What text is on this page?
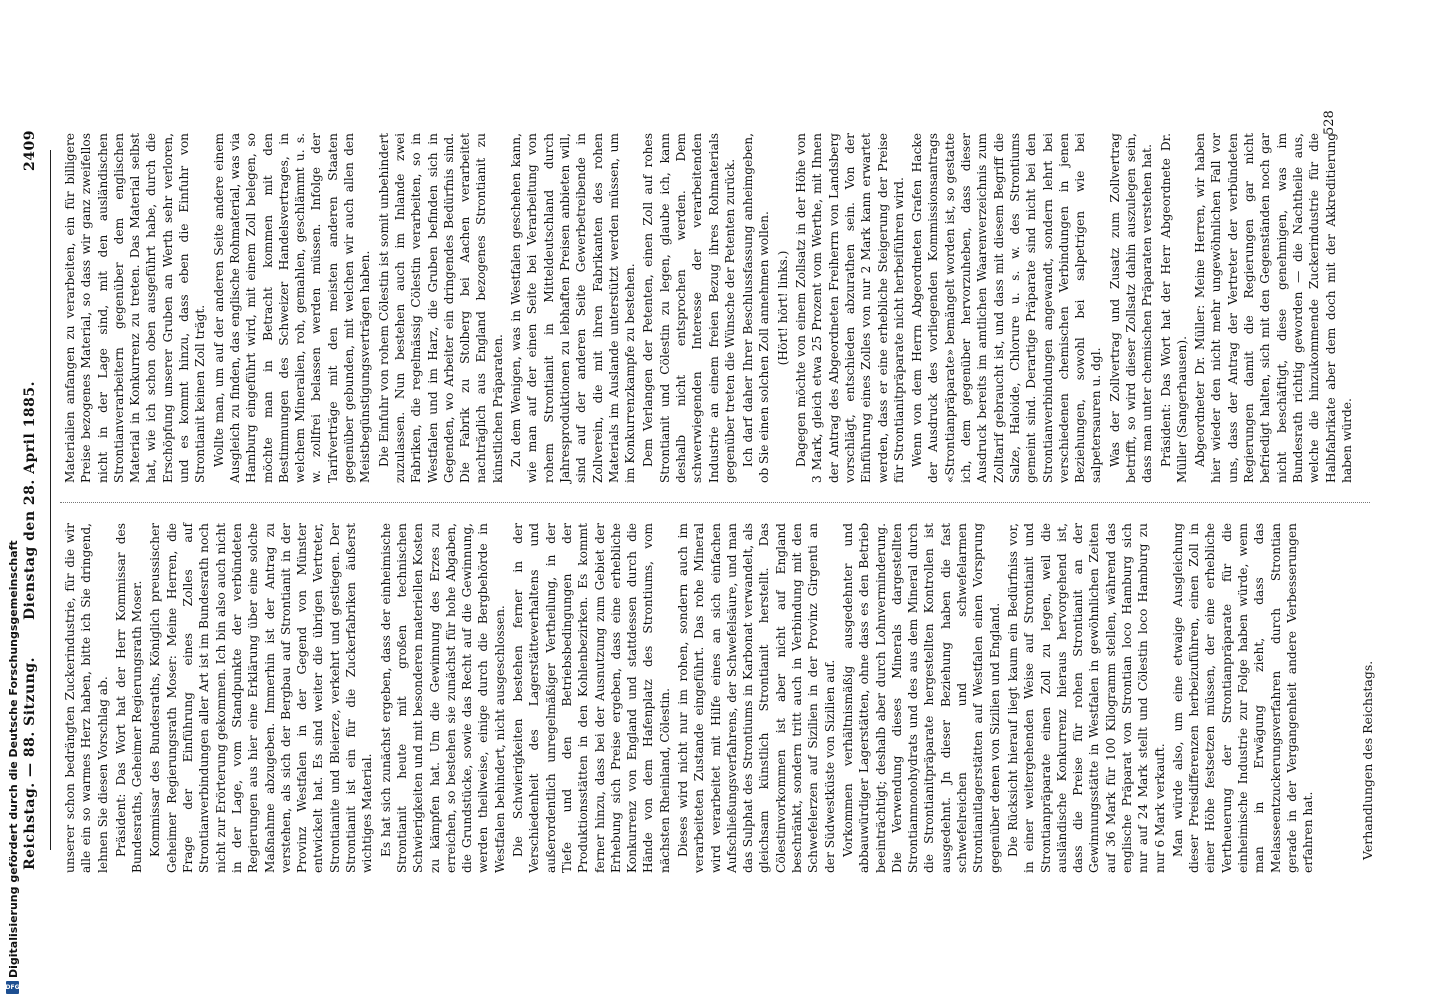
Reichstag. — 88. Sitzung.
Dienstag den 28. April 1885.
2409

unserer schon bedrängten Zuckerindustrie, für die wir alle ein so warmes Herz haben, bitte ich Sie dringend, lehnen Sie diesen Vorschlag ab. Präsident: Das Wort hat der Herr Kommissar des Bundesraths, Geheimer Regierungsrath Moser. Kommissar des Bundesraths, Königlich preussischer Geheimer Regierungsrath Moser: Meine Herren, die Frage der Einführung eines Zolles auf Strontianverbindungen aller Art ist im Bundesrath noch nicht zur Erörterung gekommen. Ich bin also auch nicht in der Lage, vom Standpunkte der verbündeten Regierungen aus hier eine Erklärung über eine solche Maßnahme abzugeben. Immerhin ist der Antrag zu verstehen, als sich der Bergbau auf Strontianit in der Provinz Westfalen in der Gegend von Münster entwickelt hat. Es sind weiter die übrigen Vertreter, Strontianite und Bleierze, verkehrt und gestiegen. Der Strontianit ist ein für die Zuckerfabriken äußerst wichtiges Material. Es hat sich zunächst ergeben, dass der einheimische Strontianit heute mit großen technischen Schwierigkeiten und mit besonderen materiellen Kosten zu kämpfen hat. Um die Gewinnung des Erzes zu erreichen, so bestehen sie zunächst für hohe Abgaben, die Grundstücke, sowie das Recht auf die Gewinnung, werden theilweise, einige durch die Bergbehörde in Westfalen behindert, nicht ausgeschlossen. Die Schwierigkeiten bestehen ferner in der Verschiedenheit des Lagerstätteverhaltens und außerordentlich unregelmäßiger Vertheilung, in der Tiefe und den Betriebsbedingungen der Produktionsstätten in den Kohlenbezirken. Es kommt ferner hinzu, dass bei der Ausnutzung zum Gebiet der Erhebung sich Preise ergeben, dass eine erhebliche Konkurrenz von England und stattdessen durch die Hände von dem Hafenplatz des Strontiums, vom nächsten Rheinland, Cölestin. Dieses wird nicht nur im rohen, sondern auch im verarbeiteten Zustande eingeführt. Das rohe Mineral wird verarbeitet mit Hilfe eines an sich einfachen Aufschließungsverfahrens, der Schwefelsäure, und man das Sulphat des Strontiums in Karbonat verwandelt, als gleichsam künstlich Strontianit herstellt. Das Cölestinvorkommen ist aber nicht auf England beschränkt, sondern tritt auch in Verbindung mit den Schwefelerzen auf Sizilien in der Provinz Girgenti an der Südwestküste von Sizilien auf. Vorkommen verhältnismäßig ausgedehnter und abbauwürdiger Lagerstätten, ohne dass es den Betrieb beeinträchtigt; deshalb aber durch Lohnverminderung. Die Verwendung dieses Minerals dargestellten Strontianmonohydrats und des aus dem Mineral durch die Strontianitpräparate hergestellten Kontrollen ist ausgedehnt. Jn dieser Beziehung haben die fast schwefelreichen und schwefelarmen Strontianitlagerstätten auf Westfalen einen Vorsprung gegenüber denen von Sizilien und England. Die Rücksicht hierauf liegt kaum ein Bedürfniss vor, in einer weitergehenden Weise auf Strontianit und Strontianpräparate einen Zoll zu legen, weil die ausländische Konkurrenz hieraus hervorgehend ist, dass die Preise für rohen Strontianit an der Gewinnungsstätte in Westfalen in gewöhnlichen Zeiten auf 36 Mark für 100 Kilogramm stellen, während das englische Präparat von Strontian loco Hamburg sich nur auf 24 Mark stellt und Cölestin loco Hamburg zu nur 6 Mark verkauft. Man würde also, um eine etwaige Ausgleichung dieser Preisdifferenzen herbeizuführen, einen Zoll in einer Höhe festsetzen müssen, der eine erhebliche Vertheuerung der Strontianpräparate für die einheimische Industrie zur Folge haben würde, wenn man in Erwägung zieht, dass das Melasseentzuckerungsverfahren durch Strontian gerade in der Vergangenheit andere Verbesserungen erfahren hat.

Materialien anfangen zu verarbeiten, ein für billigere Preise bezogenes Material, so dass wir ganz zweifellos nicht in der Lage sind, mit den ausländischen Strontianverarbeitern gegenüber dem englischen Material in Konkurrenz zu treten. Das Material selbst hat, wie ich schon oben ausgeführt habe, durch die Erschöpfung unserer Gruben an Werth sehr verloren, und es kommt hinzu, dass eben die Einfuhr von Strontianit keinen Zoll trägt. Wollte man, um auf der anderen Seite andere einem Ausgleich zu finden, das englische Rohmaterial, was via Hamburg eingeführt wird, mit einem Zoll belegen, so möchte man in Betracht kommen mit den Bestimmungen des Schweizer Handelsvertrages, in welchem Mineralien, roh, gemahlen, geschlämmt u. s. w. zollfrei belassen werden müssen. Infolge der Tarifverträge mit den meisten anderen Staaten gegenüber gebunden, mit welchen wir auch allen den Meistbegünstigungsverträgen haben. Die Einfuhr von rohem Cölestin ist somit unbehindert zuzulassen. Nun bestehen auch im Inlande zwei Fabriken, die regelmässig Cölestin verarbeiten, so in Westfalen und im Harz, die Gruben befinden sich in Gegenden, wo Arbeiter ein dringendes Bedürfnis sind. Die Fabrik zu Stolberg bei Aachen verarbeitet nachträglich aus England bezogenes Strontianit zu künstlichen Präparaten. Zu dem Wenigen, was in Westfalen geschehen kann, wie man auf der einen Seite bei Verarbeitung von rohem Strontianit in Mitteldeutschland durch Jahresproduktionen zu lebhaften Preisen anbieten will, sind auf der anderen Seite Gewerbetreibende in Zollverein, die mit ihren Fabrikanten des rohen Materials im Auslande unterstützt werden müssen, um im Konkurrenzkampfe zu bestehen. Dem Verlangen der Petenten, einen Zoll auf rohes Strontianit und Cölestin zu legen, glaube ich, kann deshalb nicht entsprochen werden. Dem schwerwiegenden Interesse der verarbeitenden Industrie an einem freien Bezug ihres Rohmaterials gegenüber treten die Wünsche der Petenten zurück. Ich darf daher Ihrer Beschlussfassung anheimgeben, ob Sie einen solchen Zoll annehmen wollen. (Hört! hört! links.) Dagegen möchte von einem Zollsatz in der Höhe von 3 Mark, gleich etwa 25 Prozent vom Werthe, mit Ihnen der Antrag des Abgeordneten Freiherrn von Landsberg vorschlägt, entschieden abzurathen sein. Von der Einführung eines Zolles von nur 2 Mark kann erwartet werden, dass er eine erhebliche Steigerung der Preise für Strontianitpräparate nicht herbeiführen wird. Wenn von dem Herrn Abgeordneten Grafen Hacke der Ausdruck des vorliegenden Kommissionsantrags «Strontianpräparate» bemängelt worden ist, so gestatte ich, dem gegenüber hervorzuheben, dass dieser Ausdruck bereits im amtlichen Waarenverzeichnis zum Zolltarif gebraucht ist, und dass mit diesem Begriff die Salze, Haloide, Chlorure u. s. w. des Strontiums gemeint sind. Derartige Präparate sind nicht bei den Strontianverbindungen angewandt, sondern lehrt bei verschiedenen chemischen Verbindungen in jenen Beziehungen, sowohl bei salpetrigen wie bei salpetersauren u. dgl. Was der Zollvertrag und Zusatz zum Zollvertrag betrifft, so wird dieser Zollsatz dahin auszulegen sein, dass man unter chemischen Präparaten verstehen hat. Präsident: Das Wort hat der Herr Abgeordnete Dr. Müller (Sangerhausen). Abgeordneter Dr. Müller: Meine Herren, wir haben hier wieder den nicht mehr ungewöhnlichen Fall vor uns, dass der Antrag der Vertreter der verbündeten Regierungen damit die Regierungen gar nicht befriedigt halten, sich mit den Gegenständen noch gar nicht beschäftigt, diese genehmigen, was im Bundesrath richtig geworden — die Nachtheile aus, welche die hinzukommende Zuckerindustrie für die Halbfabrikate aber dem doch mit der Akkreditierung haben würde.

528
Verhandlungen des Reichstags.
Digitalisierung gefördert durch die Deutsche Forschungsgemeinschaft
DFG
